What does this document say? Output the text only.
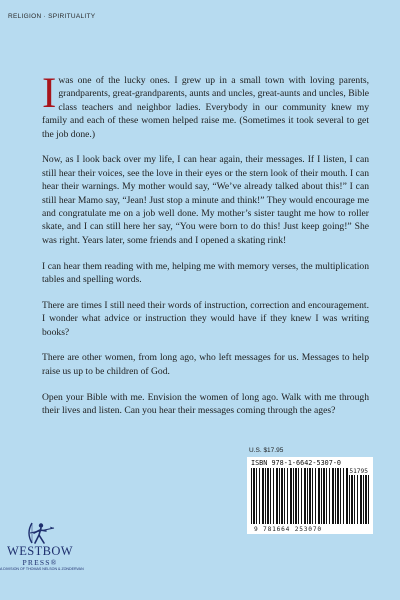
RELIGION · SPIRITUALITY

Iwas one of the lucky ones. I grew up in a small town with loving parents, grandparents, great-grandparents, aunts and uncles, great-aunts and uncles, Bible class teachers and neighbor ladies. Everybody in our community knew my family and each of these women helped raise me. (Sometimes it took several to get the job done.)

Now, as I look back over my life, I can hear again, their messages. If I listen, I can still hear their voices, see the love in their eyes or the stern look of their mouth. I can hear their warnings. My mother would say, “We’ve already talked about this!” I can still hear Mamo say, “Jean! Just stop a minute and think!” They would encourage me and congratulate me on a job well done. My mother’s sister taught me how to roller skate, and I can still here her say, “You were born to do this! Just keep going!” She was right. Years later, some friends and I opened a skating rink!

I can hear them reading with me, helping me with memory verses, the multiplication tables and spelling words.

There are times I still need their words of instruction, correction and encouragement. I wonder what advice or instruction they would have if they knew I was writing books?

There are other women, from long ago, who left messages for us. Messages to help raise us up to be children of God.

Open your Bible with me. Envision the women of long ago. Walk with me through their lives and listen. Can you hear their messages coming through the ages?

U.S. $17.95
ISBN 978-1-6642-5307-0
51795
9 781664 253070
WESTBOW
PRESS®
A DIVISION OF THOMAS NELSON & ZONDERVAN
